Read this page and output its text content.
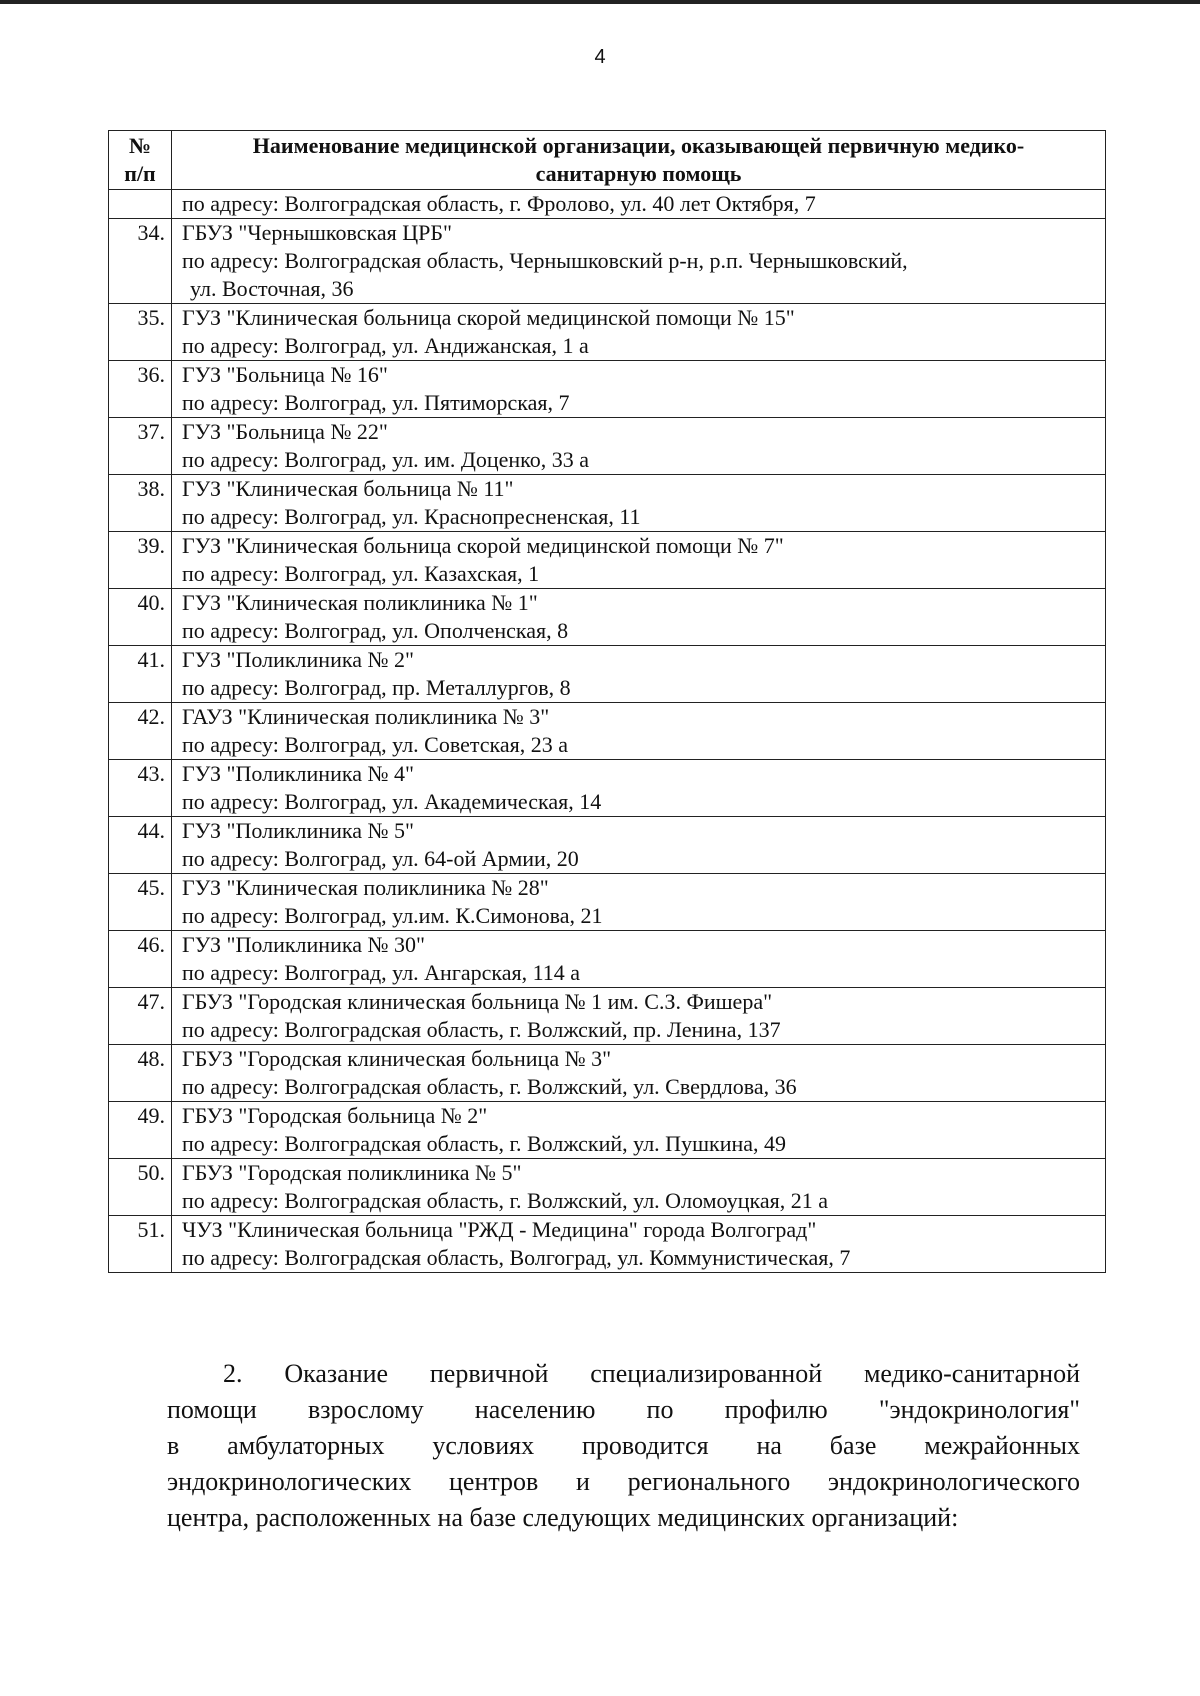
4
№
п/п	Наименование медицинской организации, оказывающей первичную медико-
санитарную помощь

	по адресу: Волгоградская область, г. Фролово, ул. 40 лет Октября, 7
34.	ГБУЗ "Чернышковская ЦРБ"
по адресу: Волгоградская область, Чернышковский р-н, р.п. Чернышковский,
ул. Восточная, 36

35.	ГУЗ "Клиническая больница скорой медицинской помощи № 15"
по адресу: Волгоград, ул. Андижанская, 1 а

36.	ГУЗ "Больница № 16"
по адресу: Волгоград, ул. Пятиморская, 7

37.	ГУЗ "Больница № 22"
по адресу: Волгоград, ул. им. Доценко, 33 а

38.	ГУЗ "Клиническая больница № 11"
по адресу: Волгоград, ул. Краснопресненская, 11

39.	ГУЗ "Клиническая больница скорой медицинской помощи № 7"
по адресу: Волгоград, ул. Казахская, 1

40.	ГУЗ "Клиническая поликлиника № 1"
по адресу: Волгоград, ул. Ополченская, 8

41.	ГУЗ "Поликлиника № 2"
по адресу: Волгоград, пр. Металлургов, 8

42.	ГАУЗ "Клиническая поликлиника № 3"
по адресу: Волгоград, ул. Советская, 23 а

43.	ГУЗ "Поликлиника № 4"
по адресу: Волгоград, ул. Академическая, 14

44.	ГУЗ "Поликлиника № 5"
по адресу: Волгоград, ул. 64-ой Армии, 20

45.	ГУЗ "Клиническая поликлиника № 28"
по адресу: Волгоград, ул.им. К.Симонова, 21

46.	ГУЗ "Поликлиника № 30"
по адресу: Волгоград, ул. Ангарская, 114 а

47.	ГБУЗ "Городская клиническая больница № 1 им. С.З. Фишера"
по адресу: Волгоградская область, г. Волжский, пр. Ленина, 137

48.	ГБУЗ "Городская клиническая больница № 3"
по адресу: Волгоградская область, г. Волжский, ул. Свердлова, 36

49.	ГБУЗ "Городская больница № 2"
по адресу: Волгоградская область, г. Волжский, ул. Пушкина, 49

50.	ГБУЗ "Городская поликлиника № 5"
по адресу: Волгоградская область, г. Волжский, ул. Оломоуцкая, 21 а

51.	ЧУЗ "Клиническая больница "РЖД - Медицина" города Волгоград"
по адресу: Волгоградская область, Волгоград, ул. Коммунистическая, 7
2. Оказание первичной специализированной медико-санитарной
помощи взрослому населению по профилю "эндокринология"
в амбулаторных условиях проводится на базе межрайонных
эндокринологических центров и регионального эндокринологического
центра, расположенных на базе следующих медицинских организаций:
